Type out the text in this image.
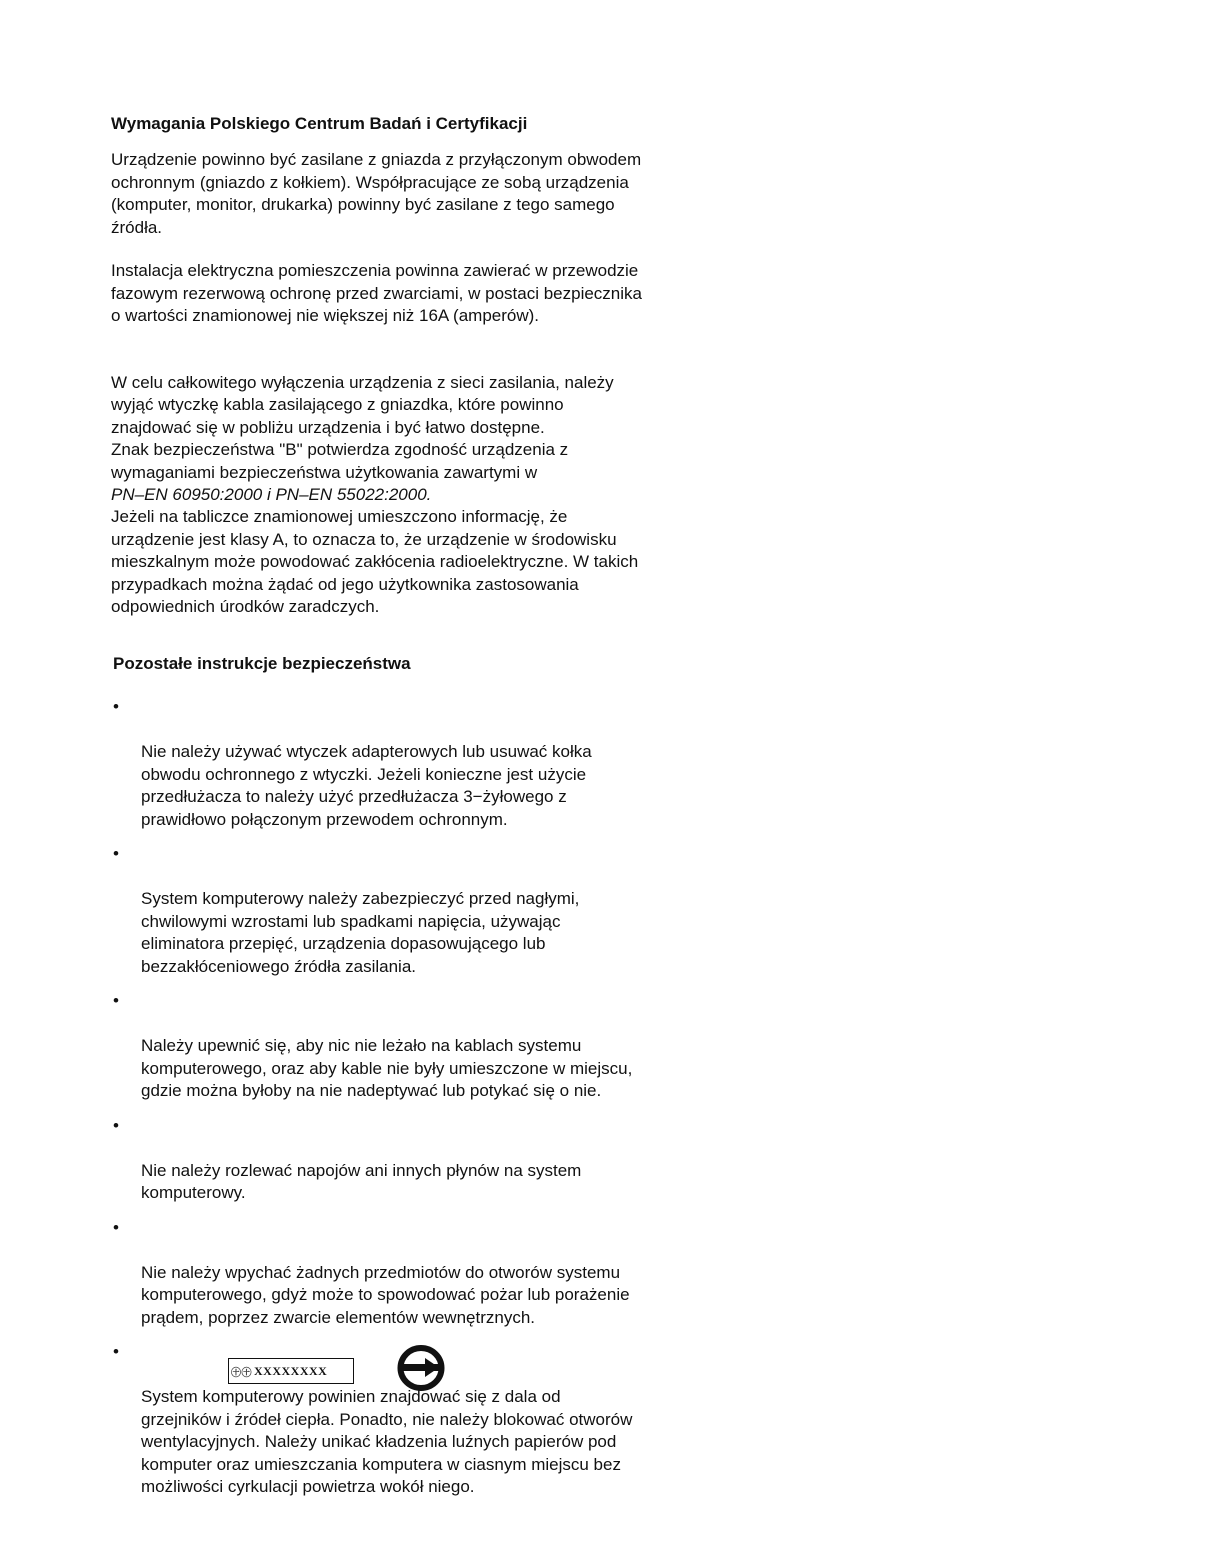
Wymagania Polskiego Centrum Badań i Certyfikacji

Urządzenie powinno być zasilane z gniazda z przyłączonym obwodem
ochronnym (gniazdo z kołkiem). Współpracujące ze sobą urządzenia
(komputer, monitor, drukarka) powinny być zasilane z tego samego
źródła.

Instalacja elektryczna pomieszczenia powinna zawierać w przewodzie
fazowym rezerwową ochronę przed zwarciami, w postaci bezpiecznika
o wartości znamionowej nie większej niż 16A (amperów).

W celu całkowitego wyłączenia urządzenia z sieci zasilania, należy
wyjąć wtyczkę kabla zasilającego z gniazdka, które powinno
znajdować się w pobliżu urządzenia i być łatwo dostępne.
Znak bezpieczeństwa "B" potwierdza zgodność urządzenia z
wymaganiami bezpieczeństwa użytkowania zawartymi w

PN–EN 60950:2000 i PN–EN 55022:2000.

Jeżeli na tabliczce znamionowej umieszczono informację, że
urządzenie jest klasy A, to oznacza to, że urządzenie w środowisku
mieszkalnym może powodować zakłócenia radioelektryczne. W takich
przypadkach można żądać od jego użytkownika zastosowania
odpowiednich úrodków zaradczych.

Pozostałe instrukcje bezpieczeństwa

•

Nie należy używać wtyczek adapterowych lub usuwać kołka
obwodu ochronnego z wtyczki. Jeżeli konieczne jest użycie
przedłużacza to należy użyć przedłużacza 3−żyłowego z
prawidłowo połączonym przewodem ochronnym.

•

System komputerowy należy zabezpieczyć przed nagłymi,
chwilowymi wzrostami lub spadkami napięcia, używając
eliminatora przepięć, urządzenia dopasowującego lub
bezzakłóceniowego źródła zasilania.

•

Należy upewnić się, aby nic nie leżało na kablach systemu
komputerowego, oraz aby kable nie były umieszczone w miejscu,
gdzie można byłoby na nie nadeptywać lub potykać się o nie.

•

Nie należy rozlewać napojów ani innych płynów na system
komputerowy.

•

Nie należy wpychać żadnych przedmiotów do otworów systemu
komputerowego, gdyż może to spowodować pożar lub porażenie
prądem, poprzez zwarcie elementów wewnętrznych.

•

System komputerowy powinien znajdować się z dala od
grzejników i źródeł ciepła. Ponadto, nie należy blokować otworów
wentylacyjnych. Należy unikać kładzenia luźnych papierów pod
komputer oraz umieszczania komputera w ciasnym miejscu bez
możliwości cyrkulacji powietrza wokół niego.

㊉㊉ XXXXXXXX
